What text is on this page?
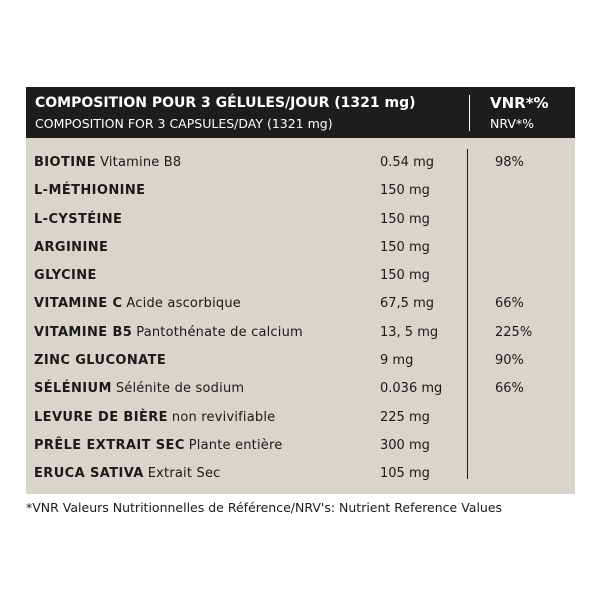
COMPOSITION POUR 3 GÉLULES/JOUR (1321 mg)
COMPOSITION FOR 3 CAPSULES/DAY (1321 mg)
VNR*%
NRV*%
BIOTINE Vitamine B8	0.54 mg	98%
L-MÉTHIONINE	150 mg
L-CYSTÉINE	150 mg
ARGININE	150 mg
GLYCINE	150 mg
VITAMINE C Acide ascorbique	67,5 mg	66%
VITAMINE B5 Pantothénate de calcium	13, 5 mg	225%
ZINC GLUCONATE	9 mg	90%
SÉLÉNIUM Sélénite de sodium	0.036 mg	66%
LEVURE DE BIÈRE non revivifiable	225 mg
PRÊLE EXTRAIT SEC Plante entière	300 mg
ERUCA SATIVA Extrait Sec	105 mg
*VNR Valeurs Nutritionnelles de Référence/NRV's: Nutrient Reference Values
